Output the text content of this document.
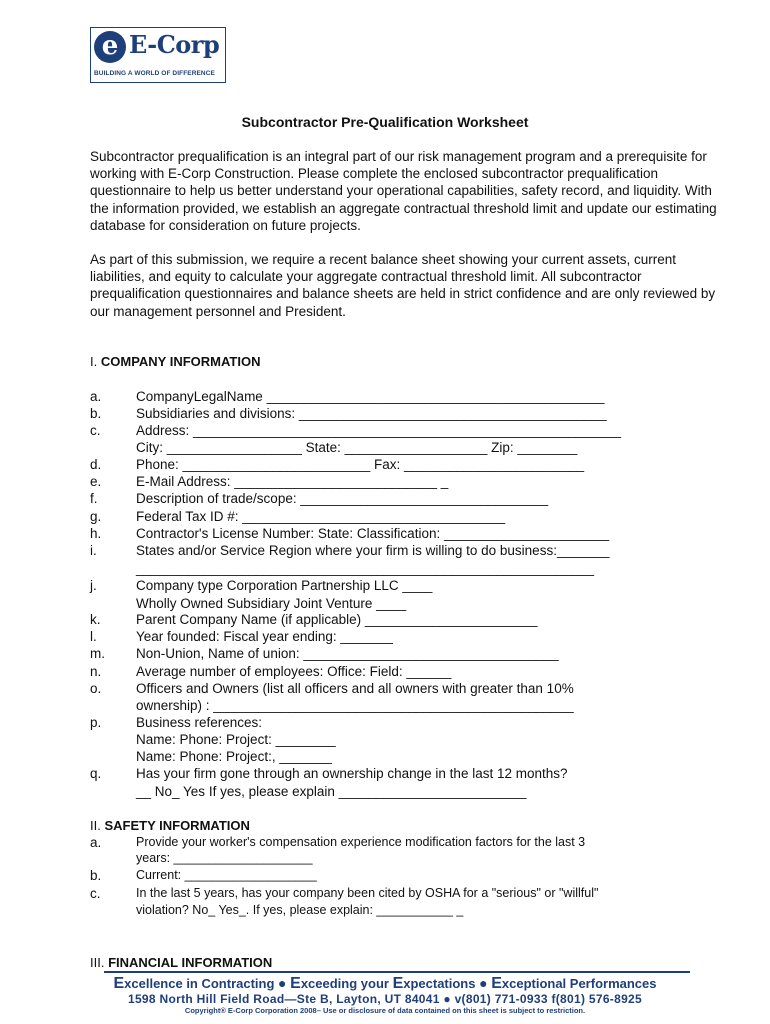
e E-Corp
BUILDING A WORLD OF DIFFERENCE
Subcontractor Pre-Qualification Worksheet

Subcontractor prequalification is an integral part of our risk management program and a prerequisite for working with E-Corp Construction. Please complete the enclosed subcontractor prequalification questionnaire to help us better understand your operational capabilities, safety record, and liquidity. With the information provided, we establish an aggregate contractual threshold limit and update our estimating database for consideration on future projects.

As part of this submission, we require a recent balance sheet showing your current assets, current liabilities, and equity to calculate your aggregate contractual threshold limit. All subcontractor prequalification questionnaires and balance sheets are held in strict confidence and are only reviewed by our management personnel and President.

I. COMPANY INFORMATION
a.	CompanyLegalName _____________________________________________
b.	Subsidiaries and divisions: _________________________________________
c.	Address: _________________________________________________________
City: __________________ State: ___________________ Zip: ________
d.	Phone: _________________________ Fax: ________________________
e.	E-Mail Address: ___________________________ _
f.	Description of trade/scope: _________________________________
g.	Federal Tax ID #: ___________________________________
h.	Contractor's License Number: State: Classification: ______________________
i.	States and/or Service Region where your firm is willing to do business:_______
_____________________________________________________________
j.	Company type Corporation Partnership LLC ____
Wholly Owned Subsidiary Joint Venture ____
k.	Parent Company Name (if applicable) _______________________
l.	Year founded: Fiscal year ending: _______
m. Non-Union, Name of union: __________________________________
n.	Average number of employees: Office: Field: ______
o.	Officers and Owners (list all officers and all owners with greater than 10%
ownership) : ________________________________________________
p.	Business references:
Name: Phone: Project: ________
Name: Phone: Project:, _______
q.	Has your firm gone through an ownership change in the last 12 months?
__ No_ Yes If yes, please explain _________________________
II. SAFETY INFORMATION
a.	Provide your worker's compensation experience modification factors for the last 3
years: ____________________
b.	Current: ___________________
c.	In the last 5 years, has your company been cited by OSHA for a "serious" or "willful"
violation? No_ Yes_. If yes, please explain: ___________ _
III. FINANCIAL INFORMATION
Excellence in Contracting ● Exceeding your Expectations ● Exceptional Performances
1598 North Hill Field Road—Ste B, Layton, UT 84041 ● v(801) 771-0933 f(801) 576-8925
Copyright® E-Corp Corporation 2008– Use or disclosure of data contained on this sheet is subject to restriction.
